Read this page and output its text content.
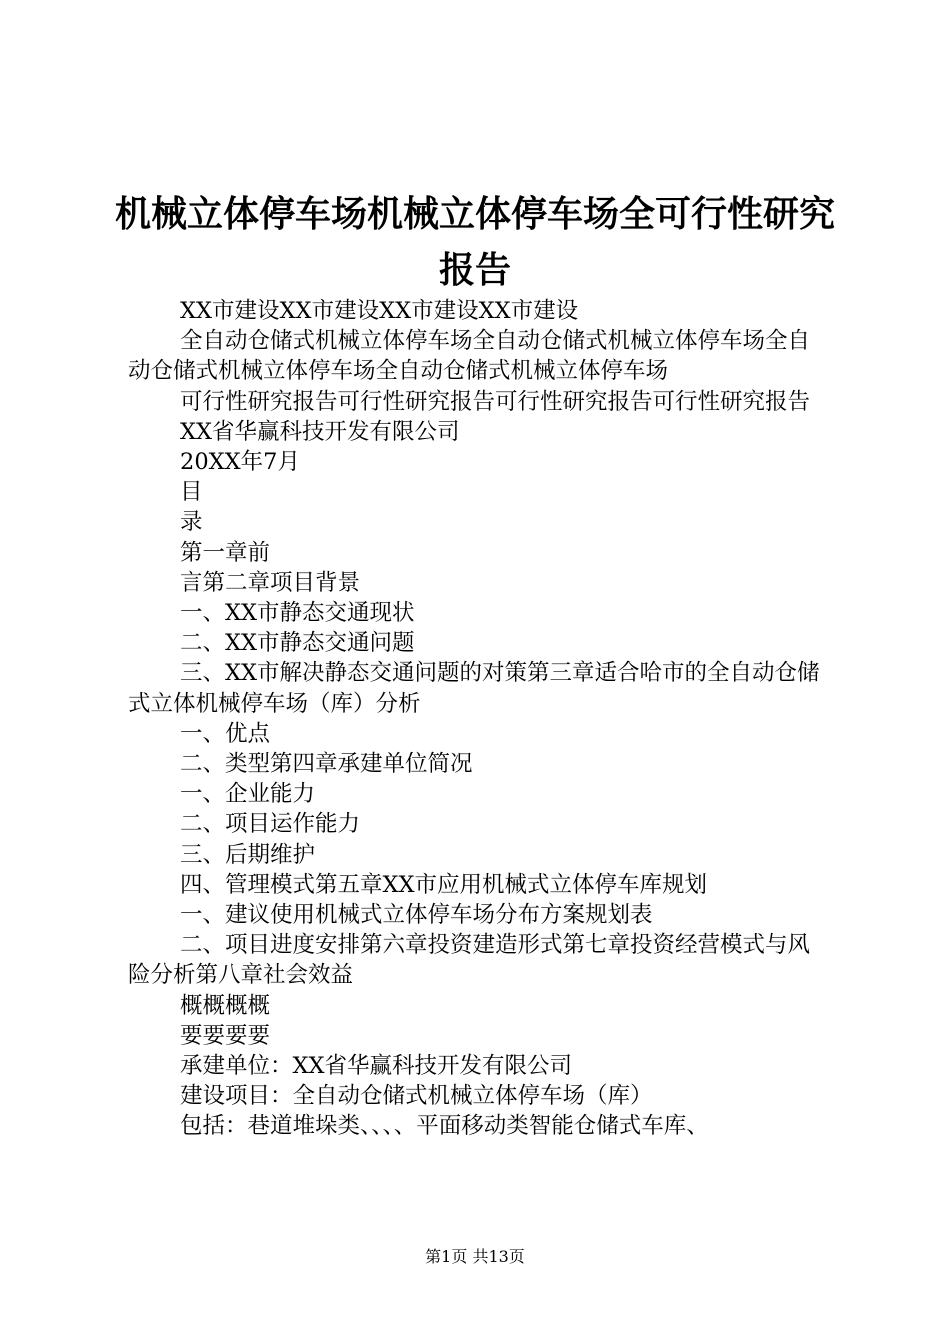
机械立体停车场机械立体停车场全可行性研究报告

XX市建设XX市建设XX市建设XX市建设

全自动仓储式机械立体停车场全自动仓储式机械立体停车场全自动仓储式机械立体停车场全自动仓储式机械立体停车场

可行性研究报告可行性研究报告可行性研究报告可行性研究报告

XX省华赢科技开发有限公司

20XX年7月

目

录

第一章前

言第二章项目背景

一、XX市静态交通现状

二、XX市静态交通问题

三、XX市解决静态交通问题的对策第三章适合哈市的全自动仓储式立体机械停车场（库）分析

一、优点

二、类型第四章承建单位简况

一、企业能力

二、项目运作能力

三、后期维护

四、管理模式第五章XX市应用机械式立体停车库规划

一、建议使用机械式立体停车场分布方案规划表

二、项目进度安排第六章投资建造形式第七章投资经营模式与风险分析第八章社会效益

概概概概

要要要要

承建单位：XX省华赢科技开发有限公司

建设项目：全自动仓储式机械立体停车场（库）

包括：巷道堆垛类、、、、平面移动类智能仓储式车库、

第1页 共13页
